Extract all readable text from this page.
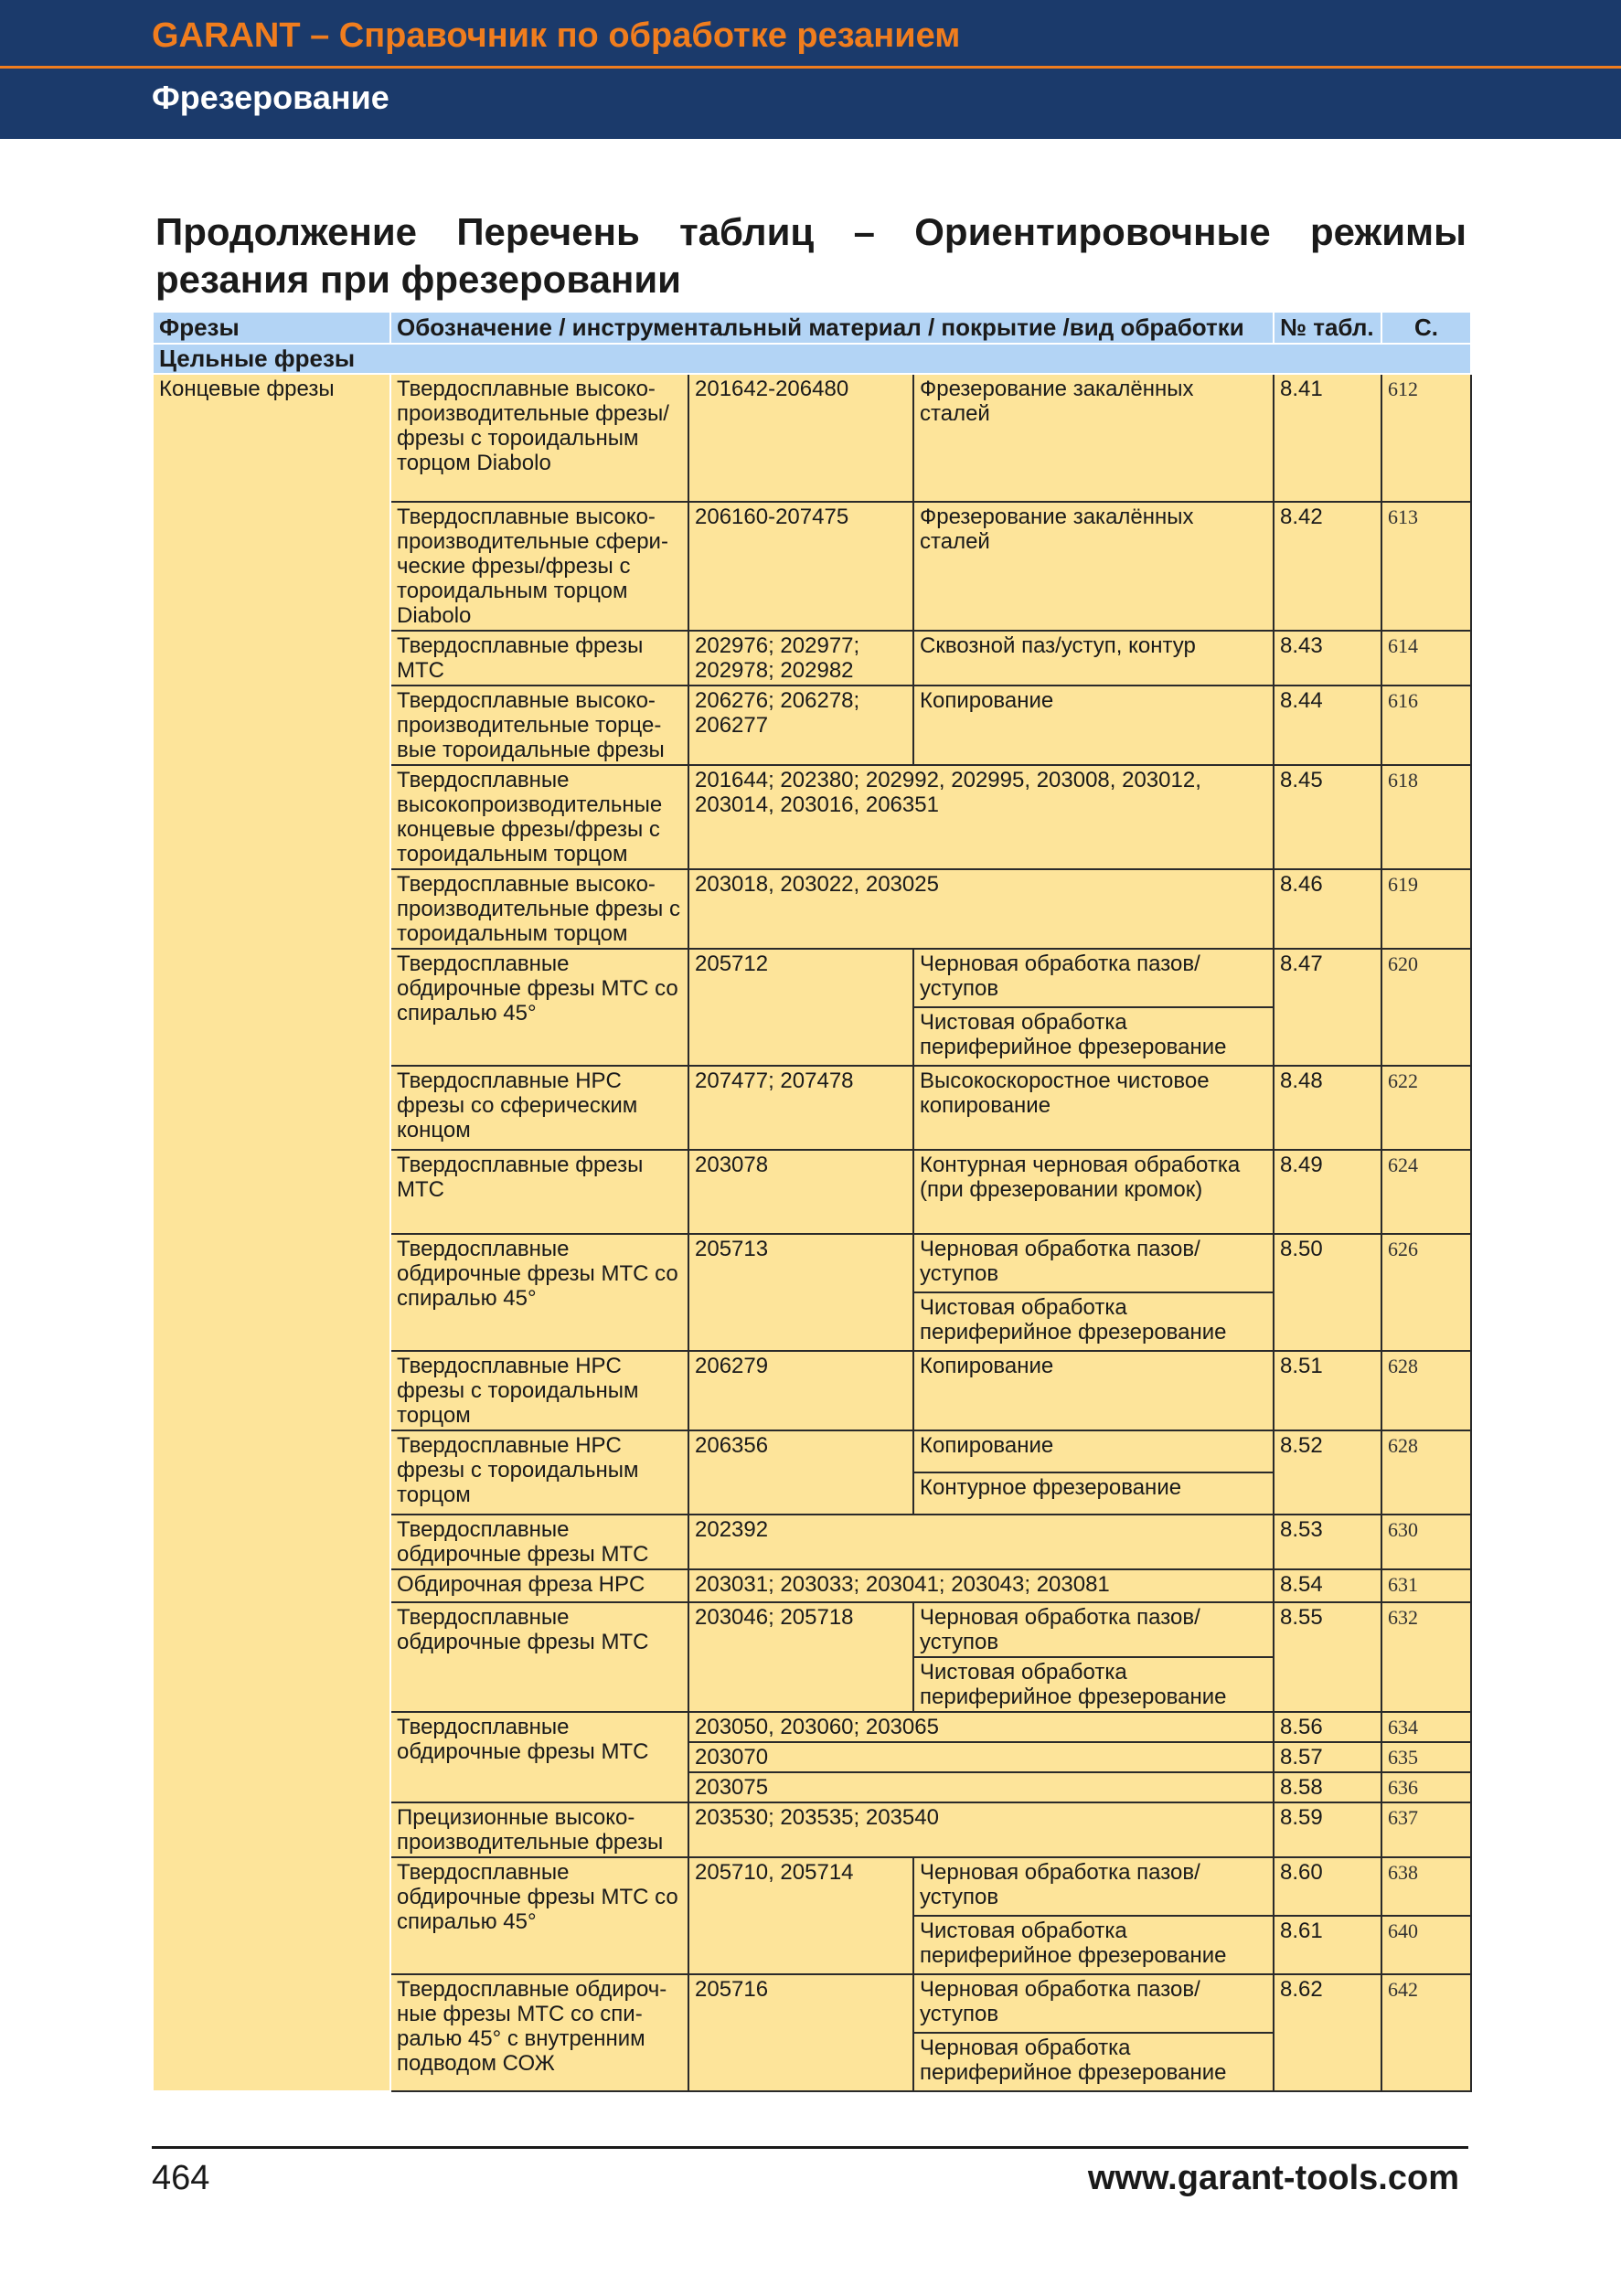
GARANT – Справочник по обработке резанием
Фрезерование
Продолжение Перечень таблиц – Ориентировочные режимы резания при фрезеровании
Фрезы	Обозначение / инструментальный материал / покрытие /вид обработки			№ табл.	С.
Цельные фрезы					
Концевые фрезы	Твердосплавные высоко-производительные фрезы/ фрезы с тороидальным торцом Diabolo	201642-206480	Фрезерование закалённых сталей	8.41	612
	Твердосплавные высоко-производительные сфери-ческие фрезы/фрезы с тороидальным торцом Diabolo	206160-207475	Фрезерование закалённых сталей	8.42	613
	Твердосплавные фрезы MTC	202976; 202977; 202978; 202982	Сквозной паз/уступ, контур	8.43	614
	Твердосплавные высоко-производительные торце-вые тороидальные фрезы	206276; 206278; 206277	Копирование	8.44	616
	Твердосплавные высокопроизводительные концевые фрезы/фрезы с тороидальным торцом	201644; 202380; 202992, 202995, 203008, 203012, 203014, 203016, 206351		8.45	618
	Твердосплавные высоко-производительные фрезы с тороидальным торцом	203018, 203022, 203025		8.46	619
	Твердосплавные обдирочные фрезы MTC со спиралью 45°	205712	Черновая обработка пазов/ уступов	8.47	620
			Чистовая обработка периферийное фрезерование		
	Твердосплавные HPC фрезы со сферическим концом	207477; 207478	Высокоскоростное чистовое копирование	8.48	622
	Твердосплавные фрезы MTC	203078	Контурная черновая обработка (при фрезеровании кромок)	8.49	624
	Твердосплавные обдирочные фрезы MTC со спиралью 45°	205713	Черновая обработка пазов/ уступов	8.50	626
			Чистовая обработка периферийное фрезерование		
	Твердосплавные HPC фрезы с тороидальным торцом	206279	Копирование	8.51	628
	Твердосплавные HPC фрезы с тороидальным торцом	206356	Копирование	8.52	628
			Контурное фрезерование		
	Твердосплавные обдирочные фрезы MTC	202392		8.53	630
	Обдирочная фреза HPC	203031; 203033; 203041; 203043; 203081		8.54	631
	Твердосплавные обдирочные фрезы MTC	203046; 205718	Черновая обработка пазов/ уступов	8.55	632
			Чистовая обработка периферийное фрезерование		
	Твердосплавные обдирочные фрезы MTC	203050, 203060; 203065		8.56	634
		203070		8.57	635
		203075		8.58	636
	Прецизионные высоко-производительные фрезы	203530; 203535; 203540		8.59	637
	Твердосплавные обдирочные фрезы MTC со спиралью 45°	205710, 205714	Черновая обработка пазов/ уступов	8.60	638
			Чистовая обработка периферийное фрезерование	8.61	640
	Твердосплавные обдироч-ные фрезы MTC со спи-ралью 45° с внутренним подводом СОЖ	205716	Черновая обработка пазов/ уступов	8.62	642
			Черновая обработка периферийное фрезерование		
464	www.garant-tools.com
